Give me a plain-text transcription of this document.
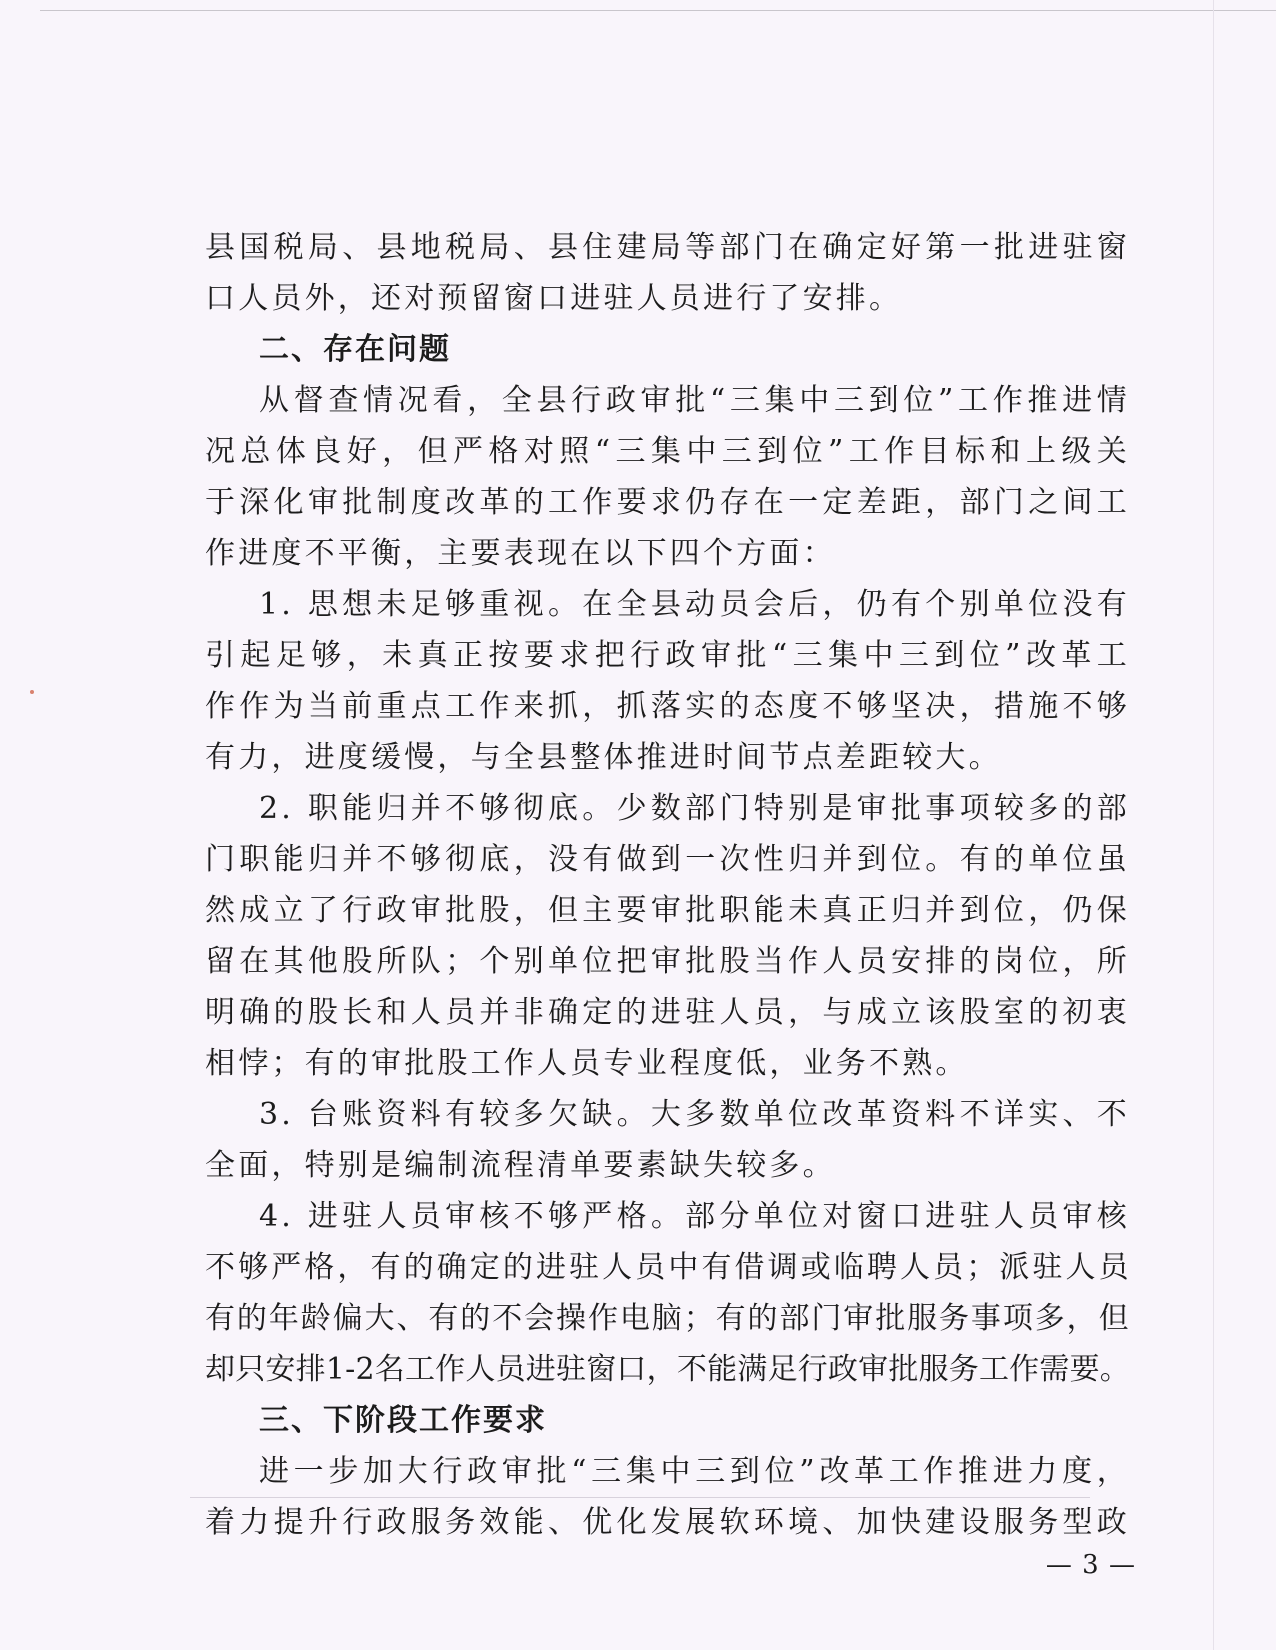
县国税局、县地税局、县住建局等部门在确定好第一批进驻窗
口人员外，还对预留窗口进驻人员进行了安排。
二、存在问题
从督查情况看，全县行政审批“三集中三到位”工作推进情
况总体良好，但严格对照“三集中三到位”工作目标和上级关
于深化审批制度改革的工作要求仍存在一定差距，部门之间工
作进度不平衡，主要表现在以下四个方面：
1. 思想未足够重视。在全县动员会后，仍有个别单位没有
引起足够，未真正按要求把行政审批“三集中三到位”改革工
作作为当前重点工作来抓，抓落实的态度不够坚决，措施不够
有力，进度缓慢，与全县整体推进时间节点差距较大。
2. 职能归并不够彻底。少数部门特别是审批事项较多的部
门职能归并不够彻底，没有做到一次性归并到位。有的单位虽
然成立了行政审批股，但主要审批职能未真正归并到位，仍保
留在其他股所队；个别单位把审批股当作人员安排的岗位，所
明确的股长和人员并非确定的进驻人员，与成立该股室的初衷
相悖；有的审批股工作人员专业程度低，业务不熟。
3. 台账资料有较多欠缺。大多数单位改革资料不详实、不
全面，特别是编制流程清单要素缺失较多。
4. 进驻人员审核不够严格。部分单位对窗口进驻人员审核
不够严格，有的确定的进驻人员中有借调或临聘人员；派驻人员
有的年龄偏大、有的不会操作电脑；有的部门审批服务事项多，但
却只安排1-2名工作人员进驻窗口，不能满足行政审批服务工作需要。
三、下阶段工作要求
进一步加大行政审批“三集中三到位”改革工作推进力度，
着力提升行政服务效能、优化发展软环境、加快建设服务型政
— 3 —
